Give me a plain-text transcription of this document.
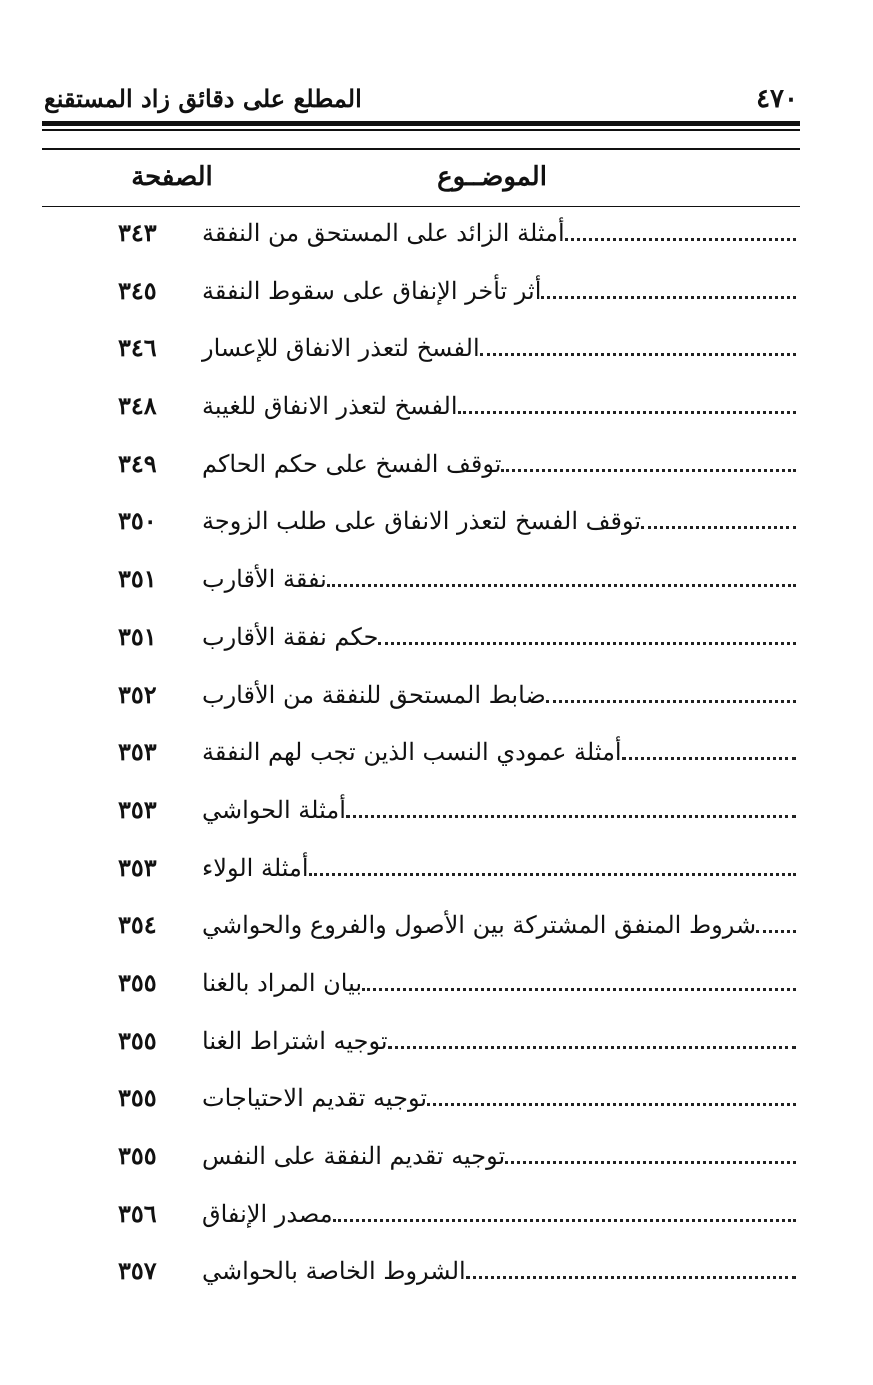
٤٧٠
المطلع على دقائق زاد المستقنع
الموضــوع
الصفحة
أمثلة الزائد على المستحق من النفقة
٣٤٣
أثر تأخر الإنفاق على سقوط النفقة
٣٤٥
الفسخ لتعذر الانفاق للإعسار
٣٤٦
الفسخ لتعذر الانفاق للغيبة
٣٤٨
توقف الفسخ على حكم الحاكم
٣٤٩
توقف الفسخ لتعذر الانفاق على طلب الزوجة
٣٥٠
نفقة الأقارب
٣٥١
حكم نفقة الأقارب
٣٥١
ضابط المستحق للنفقة من الأقارب
٣٥٢
أمثلة عمودي النسب الذين تجب لهم النفقة
٣٥٣
أمثلة الحواشي
٣٥٣
أمثلة الولاء
٣٥٣
شروط المنفق المشتركة بين الأصول والفروع والحواشي
٣٥٤
بيان المراد بالغنا
٣٥٥
توجيه اشتراط الغنا
٣٥٥
توجيه تقديم الاحتياجات
٣٥٥
توجيه تقديم النفقة على النفس
٣٥٥
مصدر الإنفاق
٣٥٦
الشروط الخاصة بالحواشي
٣٥٧
